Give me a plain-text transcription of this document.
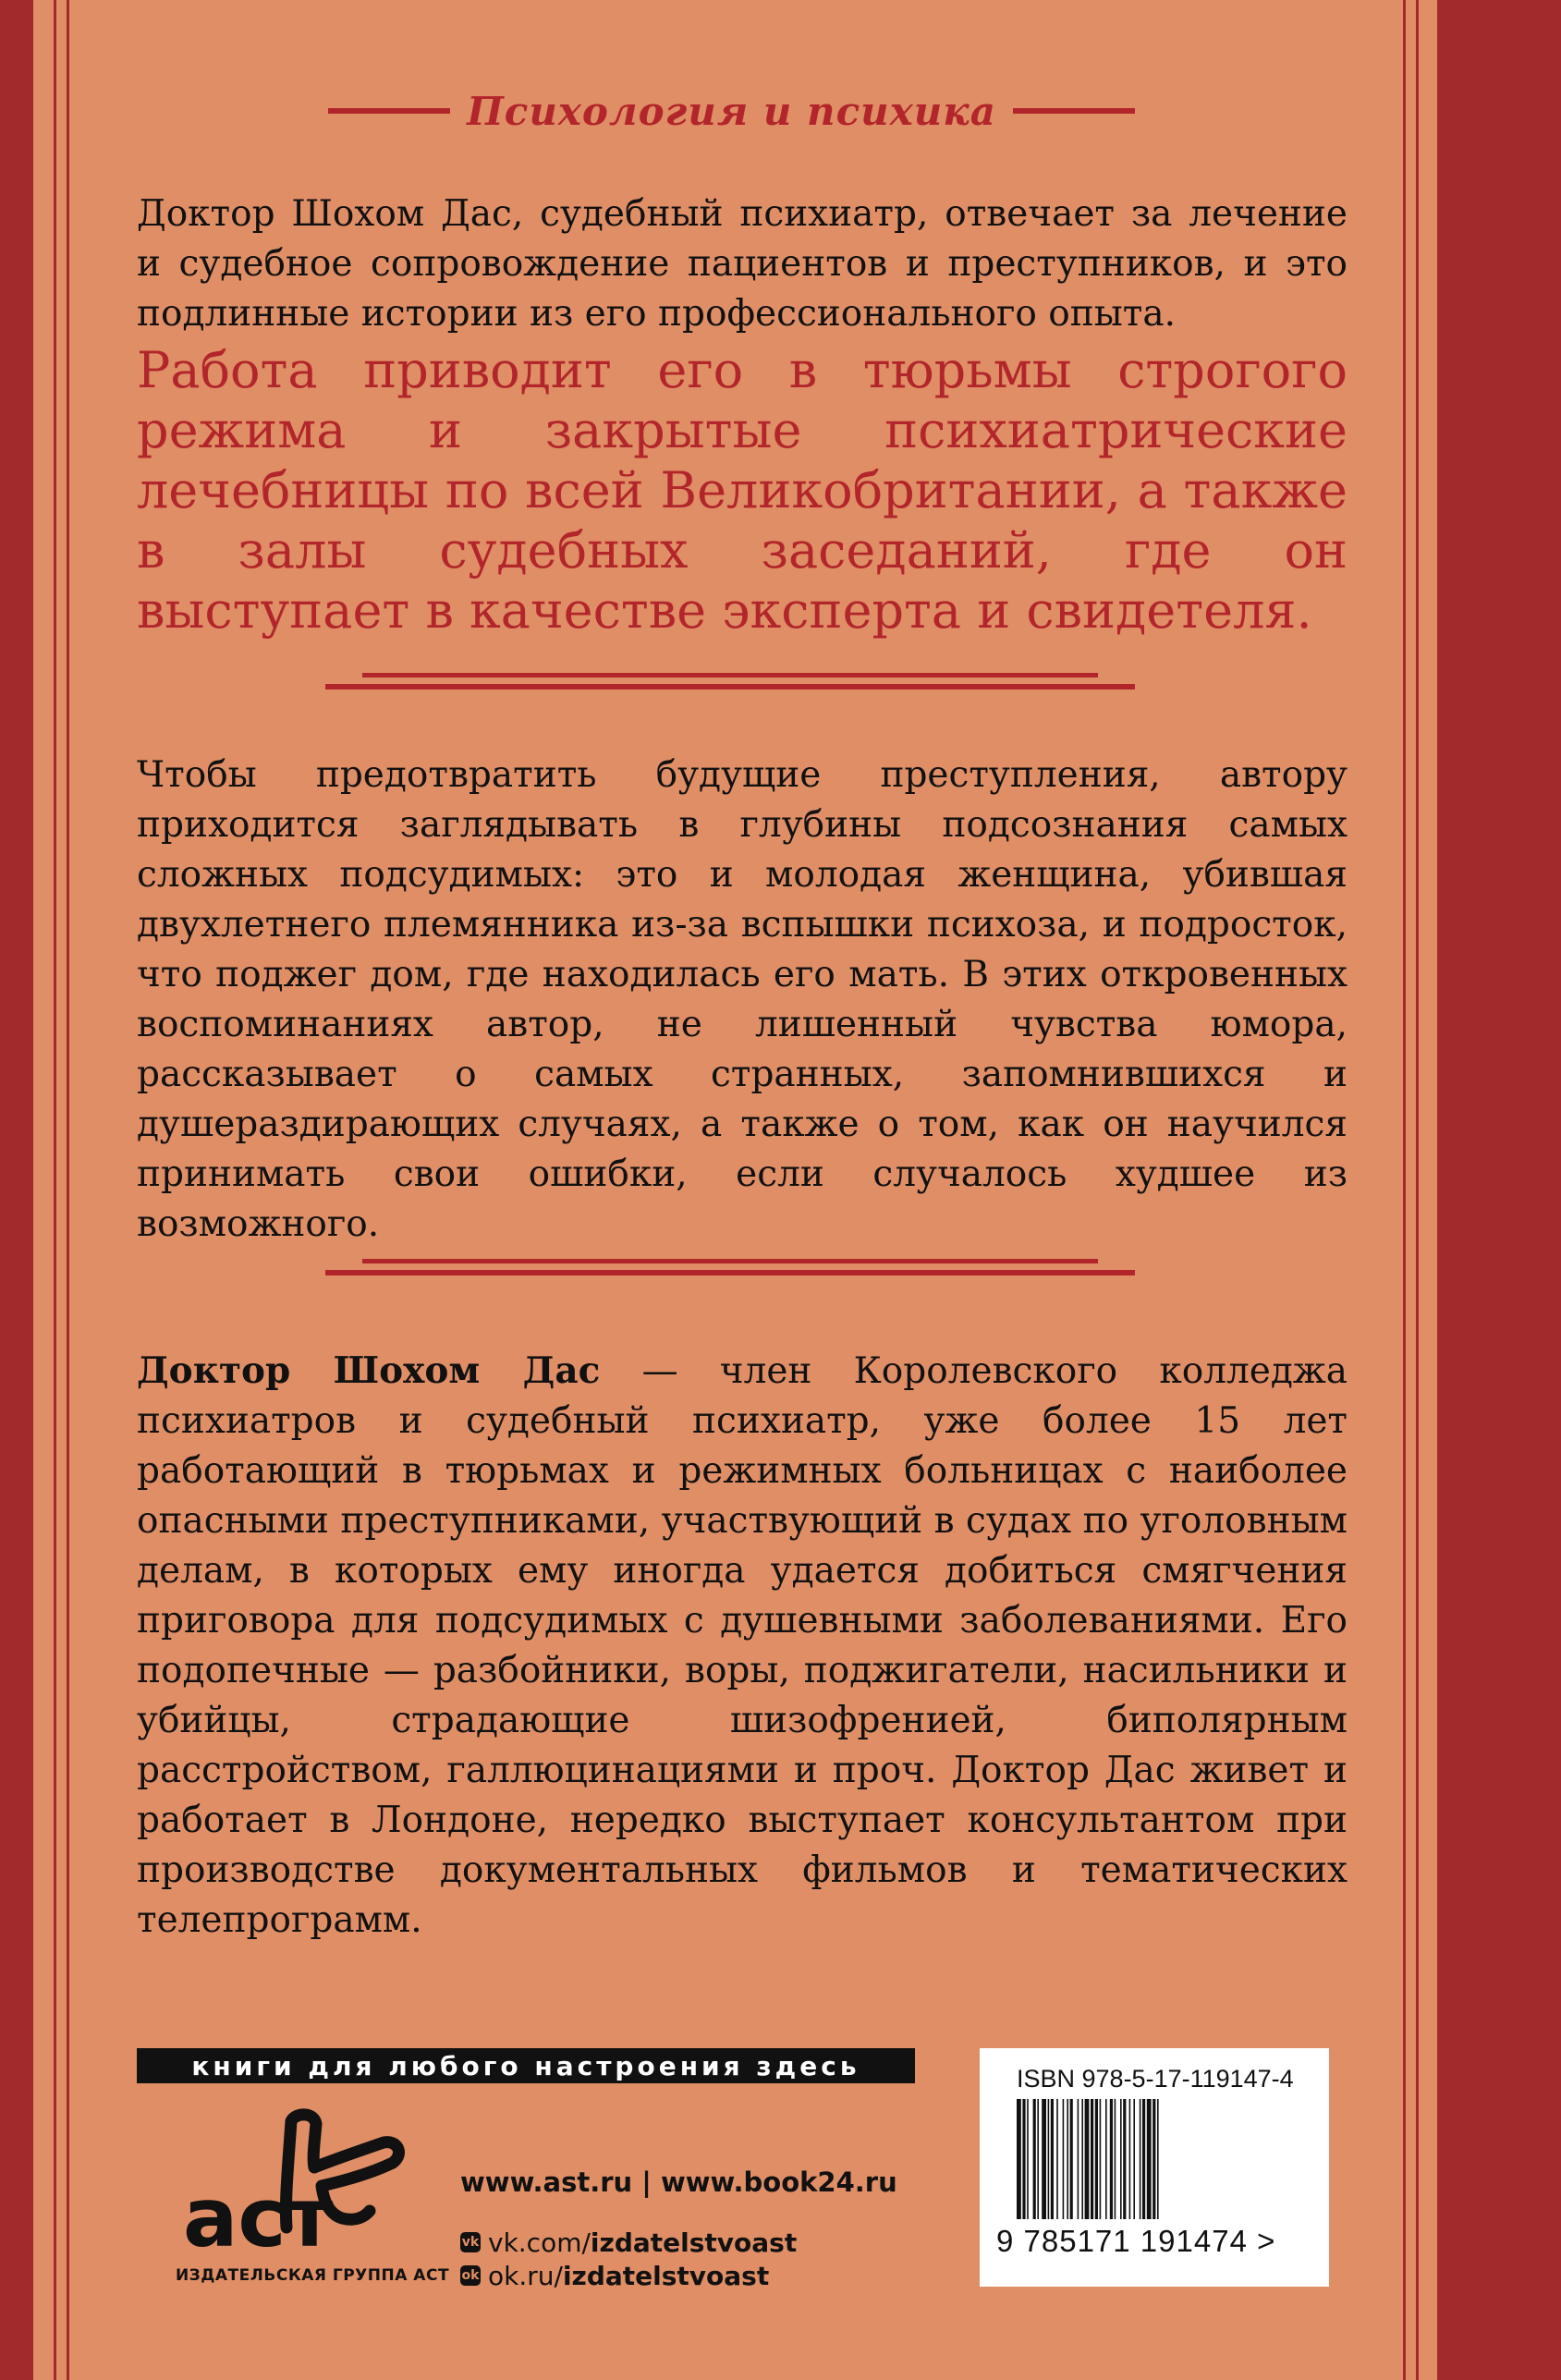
Психология и психика

Доктор Шохом Дас, судебный психиатр, отвечает за лечение и судебное сопровождение пациентов и преступников, и это подлинные истории из его профессионального опыта.

Работа приводит его в тюрьмы строгого режима и закрытые психиатрические лечебницы по всей Великобритании, а также в залы судебных заседаний, где он выступает в качестве эксперта и свидетеля.

Чтобы предотвратить будущие преступления, автору приходится заглядывать в глубины подсознания самых сложных подсудимых: это и молодая женщина, убившая двухлетнего племянника из-за вспышки психоза, и подросток, что поджег дом, где находилась его мать. В этих откровенных воспоминаниях автор, не лишенный чувства юмора, рассказывает о самых странных, запомнившихся и душераздирающих случаях, а также о том, как он научился принимать свои ошибки, если случалось худшее из возможного.

Доктор Шохом Дас — член Королевского колледжа психиатров и судебный психиатр, уже более 15 лет работающий в тюрьмах и режимных больницах с наиболее опасными преступниками, участвующий в судах по уголовным делам, в которых ему иногда удается добиться смягчения приговора для подсудимых с душевными заболеваниями. Его подопечные — разбойники, воры, поджигатели, насильники и убийцы, страдающие шизофренией, биполярным расстройством, галлюцинациями и проч. Доктор Дас живет и работает в Лондоне, нередко выступает консультантом при производстве документальных фильмов и тематических телепрограмм.

книги для любого настроения здесь
аст
ИЗДАТЕЛЬСКАЯ ГРУППА АСТ
www.ast.ru | www.book24.ru
vk vk.com/izdatelstvoast
ok ok.ru/izdatelstvoast
ISBN 978-5-17-119147-4
9 785171 191474 >
